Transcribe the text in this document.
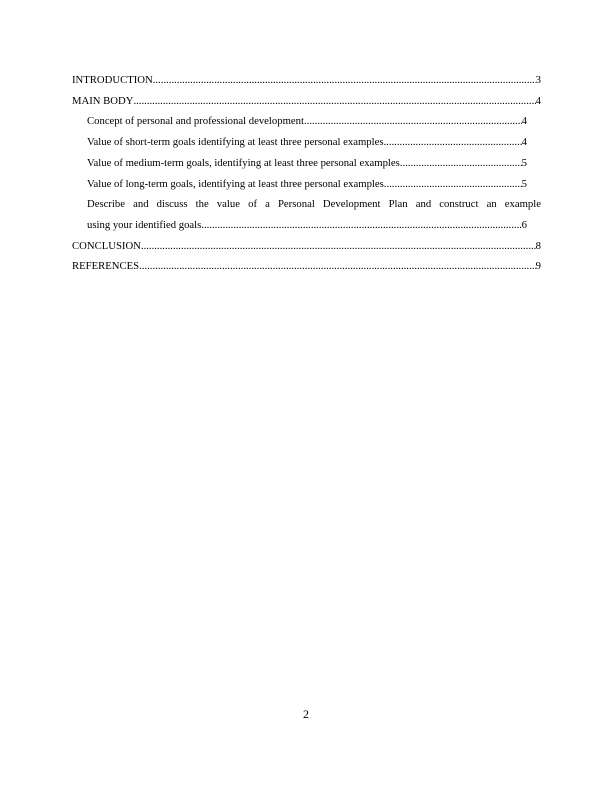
INTRODUCTION .....	3
MAIN BODY .....	4
Concept of personal and professional development .....	4
Value of short-term goals identifying at least three personal examples .....	4
Value of medium-term goals, identifying at least three personal examples .....	5
Value of long-term goals, identifying at least three personal examples .....	5
Describe and discuss the value of a Personal Development Plan and construct an example
using your identified goals .....	6
CONCLUSION .....	8
REFERENCES .....	9
2
